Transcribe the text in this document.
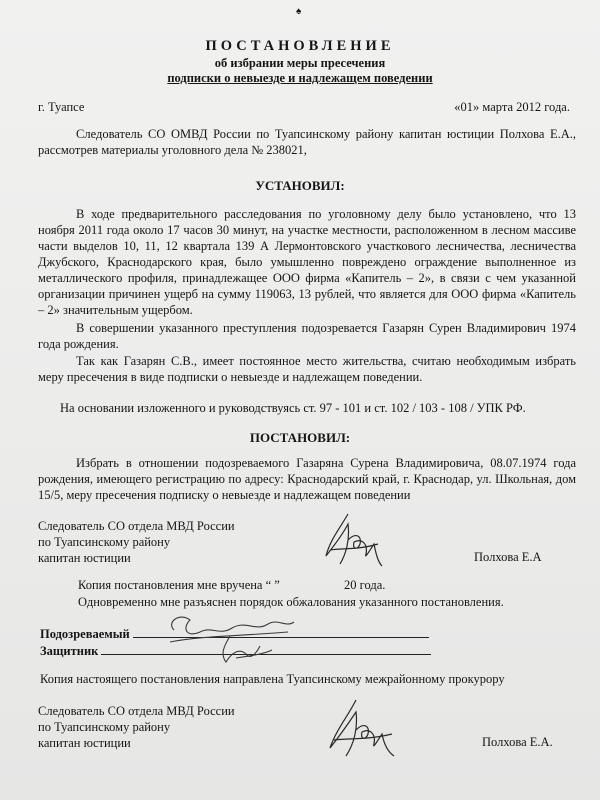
♠
ПОСТАНОВЛЕНИЕ
об избрании меры пресечения
подписки о невыезде и надлежащем поведении
г. Туапсе	«01» марта 2012 года.
Следователь СО ОМВД России по Туапсинскому району капитан юстиции Полхова Е.А., рассмотрев материалы уголовного дела № 238021,
УСТАНОВИЛ:
В ходе предварительного расследования по уголовному делу было установлено, что 13 ноября 2011 года около 17 часов 30 минут, на участке местности, расположенном в лесном массиве части выделов 10, 11, 12 квартала 139 А Лермонтовского участкового лесничества, лесничества Джубского, Краснодарского края, было умышленно повреждено ограждение выполненное из металлического профиля, принадлежащее ООО фирма «Капитель – 2», в связи с чем указанной организации причинен ущерб на сумму 119063, 13 рублей, что является для ООО фирма «Капитель – 2» значительным ущербом.
В совершении указанного преступления подозревается Газарян Сурен Владимирович 1974 года рождения.
Так как Газарян С.В., имеет постоянное место жительства, считаю необходимым избрать меру пресечения в виде подписки о невыезде и надлежащем поведении.
На основании изложенного и руководствуясь ст. 97 - 101 и ст. 102 / 103 - 108 / УПК РФ.
ПОСТАНОВИЛ:
Избрать в отношении подозреваемого Газаряна Сурена Владимировича, 08.07.1974 года рождения, имеющего регистрацию по адресу: Краснодарский край, г. Краснодар, ул. Школьная, дом 15/5, меру пресечения подписку о невыезде и надлежащем поведении
Следователь СО отдела МВД России
по Туапсинскому району
капитан юстиции	Полхова Е.А
Копия постановления мне вручена “ ”	20 года.
Одновременно мне разъяснен порядок обжалования указанного постановления.
Подозреваемый
Защитник
Копия настоящего постановления направлена Туапсинскому межрайонному прокурору
Следователь СО отдела МВД России
по Туапсинскому району
капитан юстиции	Полхова Е.А.
